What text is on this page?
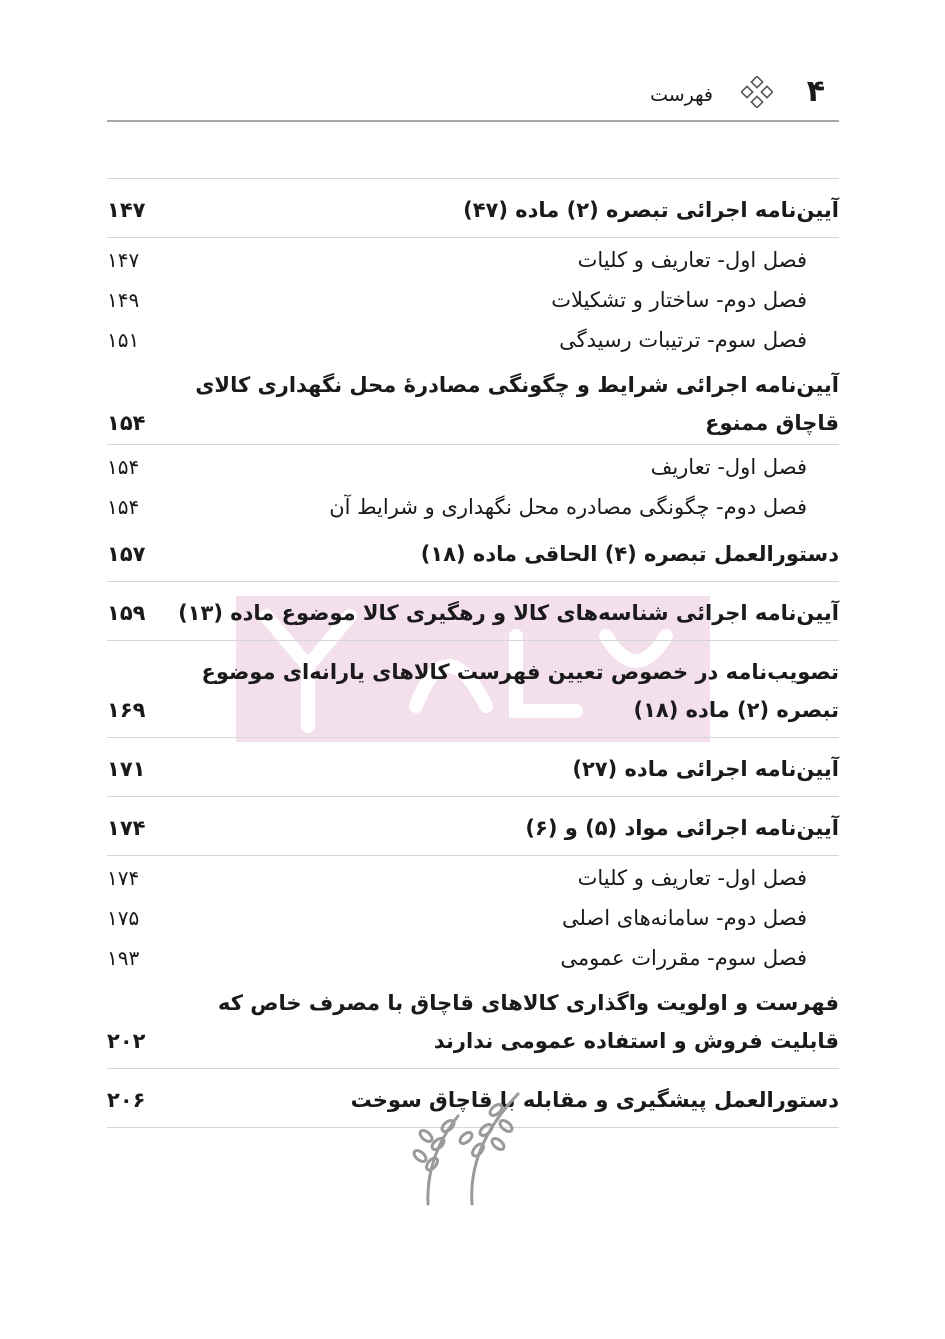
۴
فهرست
آیین‌نامه اجرائی تبصره (۲) ماده (۴۷)
۱۴۷
فصل اول- تعاریف و کلیات
۱۴۷
فصل دوم- ساختار و تشکیلات
۱۴۹
فصل سوم- ترتیبات رسیدگی
۱۵۱
آیین‌نامه اجرائی شرایط و چگونگی مصادرۀ محل نگهداری کالای قاچاق ممنوع
۱۵۴
فصل اول- تعاریف
۱۵۴
فصل دوم- چگونگی مصادره محل نگهداری و شرایط آن
۱۵۴
دستورالعمل تبصره (۴) الحاقی ماده (۱۸)
۱۵۷
آیین‌نامه اجرائی شناسه‌های کالا و رهگیری کالا موضوع ماده (۱۳)
۱۵۹
تصویب‌نامه در خصوص تعیین فهرست کالاهای یارانه‌ای موضوع تبصره (۲) ماده (۱۸)
۱۶۹
آیین‌نامه اجرائی ماده (۲۷)
۱۷۱
آیین‌نامه اجرائی مواد (۵) و (۶)
۱۷۴
فصل اول- تعاریف و کلیات
۱۷۴
فصل دوم- سامانه‌های اصلی
۱۷۵
فصل سوم- مقررات عمومی
۱۹۳
فهرست و اولویت واگذاری کالاهای قاچاق با مصرف خاص که قابلیت فروش و استفاده عمومی ندارند
۲۰۲
دستورالعمل پیشگیری و مقابله با قاچاق سوخت
۲۰۶
